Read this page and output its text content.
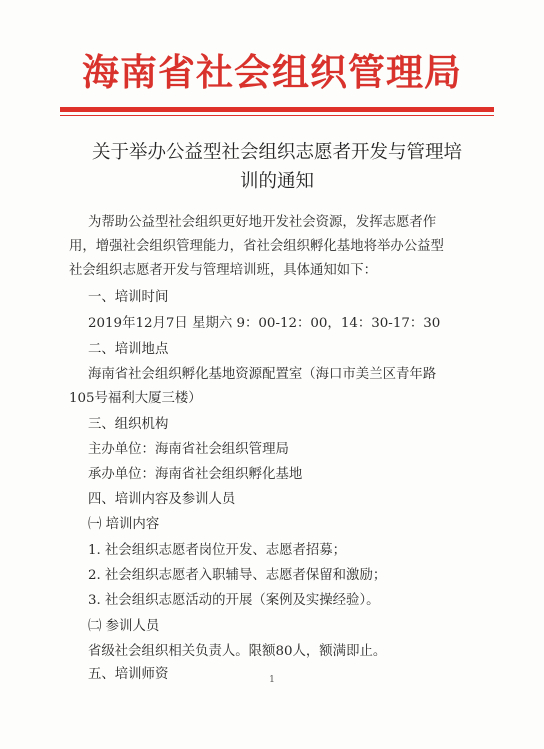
海南省社会组织管理局
关于举办公益型社会组织志愿者开发与管理培
训的通知
为帮助公益型社会组织更好地开发社会资源，发挥志愿者作
用，增强社会组织管理能力，省社会组织孵化基地将举办公益型
社会组织志愿者开发与管理培训班，具体通知如下：
一、培训时间
2019年12月7日 星期六 9：00-12：00，14：30-17：30
二、培训地点
海南省社会组织孵化基地资源配置室（海口市美兰区青年路
105号福利大厦三楼）
三、组织机构
主办单位：海南省社会组织管理局
承办单位：海南省社会组织孵化基地
四、培训内容及参训人员
㈠ 培训内容
1. 社会组织志愿者岗位开发、志愿者招募；
2. 社会组织志愿者入职辅导、志愿者保留和激励；
3. 社会组织志愿活动的开展（案例及实操经验）。
㈡ 参训人员
省级社会组织相关负责人。限额80人，额满即止。
五、培训师资	1
